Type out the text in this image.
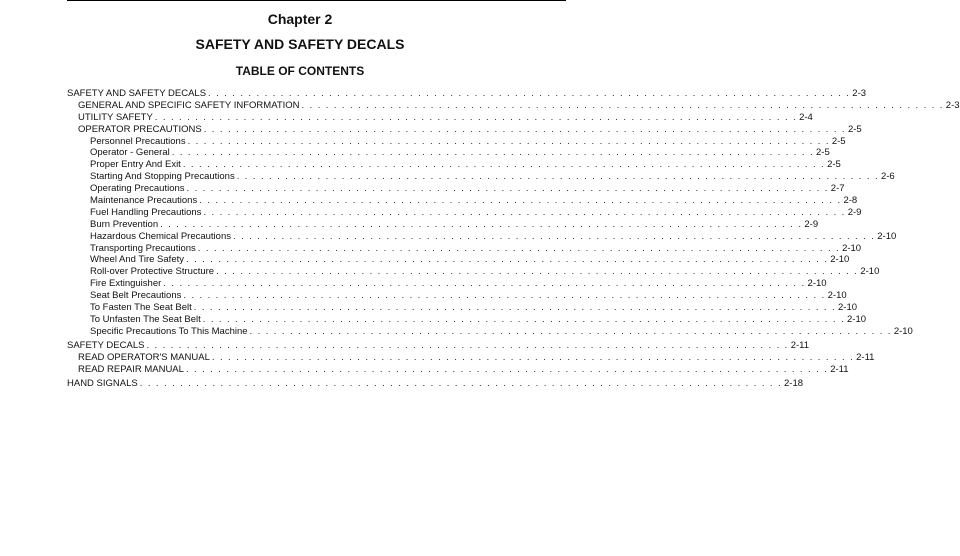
Chapter 2
SAFETY AND SAFETY DECALS
TABLE OF CONTENTS
SAFETY AND SAFETY DECALS . . . . . . . . . . . . . . . . . . . . . . . . . . . . . . . . . . . . . . . . . . . . . . . . . . . . . . . . . . . . . . . . . . . . . . . . . . . . . . . . 2-3
GENERAL AND SPECIFIC SAFETY INFORMATION . . . . . . . . . . . . . . . . . . . . . . . . . . . . . . . . . . . . . . . . . . . . . . . . . . . . . . . . . . . . . . . . . . . . . . . . . . . . . . . . 2-3
UTILITY SAFETY . . . . . . . . . . . . . . . . . . . . . . . . . . . . . . . . . . . . . . . . . . . . . . . . . . . . . . . . . . . . . . . . . . . . . . . . . . . . . . . . 2-4
OPERATOR PRECAUTIONS . . . . . . . . . . . . . . . . . . . . . . . . . . . . . . . . . . . . . . . . . . . . . . . . . . . . . . . . . . . . . . . . . . . . . . . . . . . . . . . . 2-5
Personnel Precautions . . . . . . . . . . . . . . . . . . . . . . . . . . . . . . . . . . . . . . . . . . . . . . . . . . . . . . . . . . . . . . . . . . . . . . . . . . . . . . . . 2-5
Operator - General . . . . . . . . . . . . . . . . . . . . . . . . . . . . . . . . . . . . . . . . . . . . . . . . . . . . . . . . . . . . . . . . . . . . . . . . . . . . . . . . 2-5
Proper Entry And Exit . . . . . . . . . . . . . . . . . . . . . . . . . . . . . . . . . . . . . . . . . . . . . . . . . . . . . . . . . . . . . . . . . . . . . . . . . . . . . . . . 2-5
Starting And Stopping Precautions . . . . . . . . . . . . . . . . . . . . . . . . . . . . . . . . . . . . . . . . . . . . . . . . . . . . . . . . . . . . . . . . . . . . . . . . . . . . . . . . 2-6
Operating Precautions . . . . . . . . . . . . . . . . . . . . . . . . . . . . . . . . . . . . . . . . . . . . . . . . . . . . . . . . . . . . . . . . . . . . . . . . . . . . . . . . 2-7
Maintenance Precautions . . . . . . . . . . . . . . . . . . . . . . . . . . . . . . . . . . . . . . . . . . . . . . . . . . . . . . . . . . . . . . . . . . . . . . . . . . . . . . . . 2-8
Fuel Handling Precautions . . . . . . . . . . . . . . . . . . . . . . . . . . . . . . . . . . . . . . . . . . . . . . . . . . . . . . . . . . . . . . . . . . . . . . . . . . . . . . . . 2-9
Burn Prevention . . . . . . . . . . . . . . . . . . . . . . . . . . . . . . . . . . . . . . . . . . . . . . . . . . . . . . . . . . . . . . . . . . . . . . . . . . . . . . . . 2-9
Hazardous Chemical Precautions . . . . . . . . . . . . . . . . . . . . . . . . . . . . . . . . . . . . . . . . . . . . . . . . . . . . . . . . . . . . . . . . . . . . . . . . . . . . . . . . 2-10
Transporting Precautions . . . . . . . . . . . . . . . . . . . . . . . . . . . . . . . . . . . . . . . . . . . . . . . . . . . . . . . . . . . . . . . . . . . . . . . . . . . . . . . . 2-10
Wheel And Tire Safety . . . . . . . . . . . . . . . . . . . . . . . . . . . . . . . . . . . . . . . . . . . . . . . . . . . . . . . . . . . . . . . . . . . . . . . . . . . . . . . . 2-10
Roll-over Protective Structure . . . . . . . . . . . . . . . . . . . . . . . . . . . . . . . . . . . . . . . . . . . . . . . . . . . . . . . . . . . . . . . . . . . . . . . . . . . . . . . . 2-10
Fire Extinguisher . . . . . . . . . . . . . . . . . . . . . . . . . . . . . . . . . . . . . . . . . . . . . . . . . . . . . . . . . . . . . . . . . . . . . . . . . . . . . . . . 2-10
Seat Belt Precautions . . . . . . . . . . . . . . . . . . . . . . . . . . . . . . . . . . . . . . . . . . . . . . . . . . . . . . . . . . . . . . . . . . . . . . . . . . . . . . . . 2-10
To Fasten The Seat Belt . . . . . . . . . . . . . . . . . . . . . . . . . . . . . . . . . . . . . . . . . . . . . . . . . . . . . . . . . . . . . . . . . . . . . . . . . . . . . . . . 2-10
To Unfasten The Seat Belt . . . . . . . . . . . . . . . . . . . . . . . . . . . . . . . . . . . . . . . . . . . . . . . . . . . . . . . . . . . . . . . . . . . . . . . . . . . . . . . . 2-10
Specific Precautions To This Machine . . . . . . . . . . . . . . . . . . . . . . . . . . . . . . . . . . . . . . . . . . . . . . . . . . . . . . . . . . . . . . . . . . . . . . . . . . . . . . . . 2-10
SAFETY DECALS . . . . . . . . . . . . . . . . . . . . . . . . . . . . . . . . . . . . . . . . . . . . . . . . . . . . . . . . . . . . . . . . . . . . . . . . . . . . . . . . 2-11
READ OPERATOR'S MANUAL . . . . . . . . . . . . . . . . . . . . . . . . . . . . . . . . . . . . . . . . . . . . . . . . . . . . . . . . . . . . . . . . . . . . . . . . . . . . . . . . 2-11
READ REPAIR MANUAL . . . . . . . . . . . . . . . . . . . . . . . . . . . . . . . . . . . . . . . . . . . . . . . . . . . . . . . . . . . . . . . . . . . . . . . . . . . . . . . . 2-11
HAND SIGNALS . . . . . . . . . . . . . . . . . . . . . . . . . . . . . . . . . . . . . . . . . . . . . . . . . . . . . . . . . . . . . . . . . . . . . . . . . . . . . . . . 2-18
